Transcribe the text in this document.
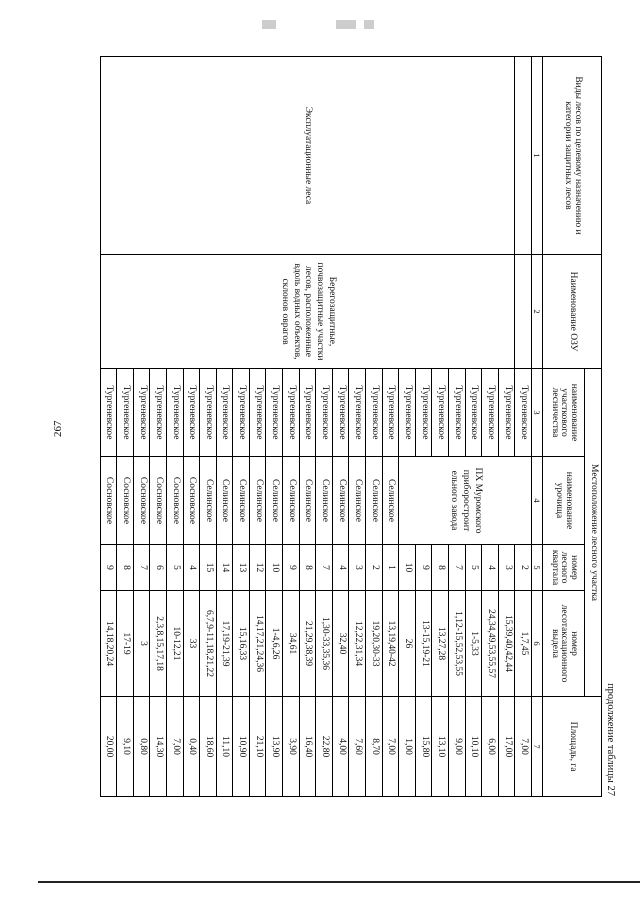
267
продолжение таблицы 27
Виды лесов по целевому назначению и категории защитных лесов	Наименование ОЗУ	Местоположение лесного участка				Площадь, га
		наименование участкового лесничества	наименование урочища	номер лесного квартала	номер лесотаксационного выдела	
1	2	3	4	5	6	7
		Тургеневское	ПХ Муромского приборостроит ельного завода	2	1,7,45	7,00
Эксплуатационные леса	Берегозащитные, почвозащитные участки лесов, расположенные вдоль водных объектов, склонов оврагов	Тургеневское		3	15,39,40,42,44	17,00
		Тургеневское		4	24,34,49,53,55,57	6,00
		Тургеневское		5	1-5,33	10,10
		Тургеневское		7	1,12-15,52,53,55	9,00
		Тургеневское		8	13,27,28	13,10
		Тургеневское		9	13-15,19-21	15,80
		Тургеневское		10	26	1,00
		Тургеневское	Селинское	1	13,19,40-42	7,00
		Тургеневское	Селинское	2	19,20,30-33	8,70
		Тургеневское	Селинское	3	12,22,31,34	7,60
		Тургеневское	Селинское	4	32,40	4,00
		Тургеневское	Селинское	7	1,30-33,35,36	22,80
		Тургеневское	Селинское	8	21,29,38,39	16,40
		Тургеневское	Селинское	9	34,61	3,90
		Тургеневское	Селинское	10	1-4,6,26	13,90
		Тургеневское	Селинское	12	14,17,21,24,36	21,10
		Тургеневское	Селинское	13	15,16,33	10,90
		Тургеневское	Селинское	14	17,19-21,39	11,10
		Тургеневское	Селинское	15	6,7,9-11,18,21,22	18,60
		Тургеневское	Сосновское	4	33	0,40
		Тургеневское	Сосновское	5	10-12,21	7,00
		Тургеневское	Сосновское	6	2,3,8,15,17,18	14,30
		Тургеневское	Сосновское	7	3	0,80
		Тургеневское	Сосновское	8	17-19	9,10
		Тургеневское	Сосновское	9	14,18,20,24	20,00
